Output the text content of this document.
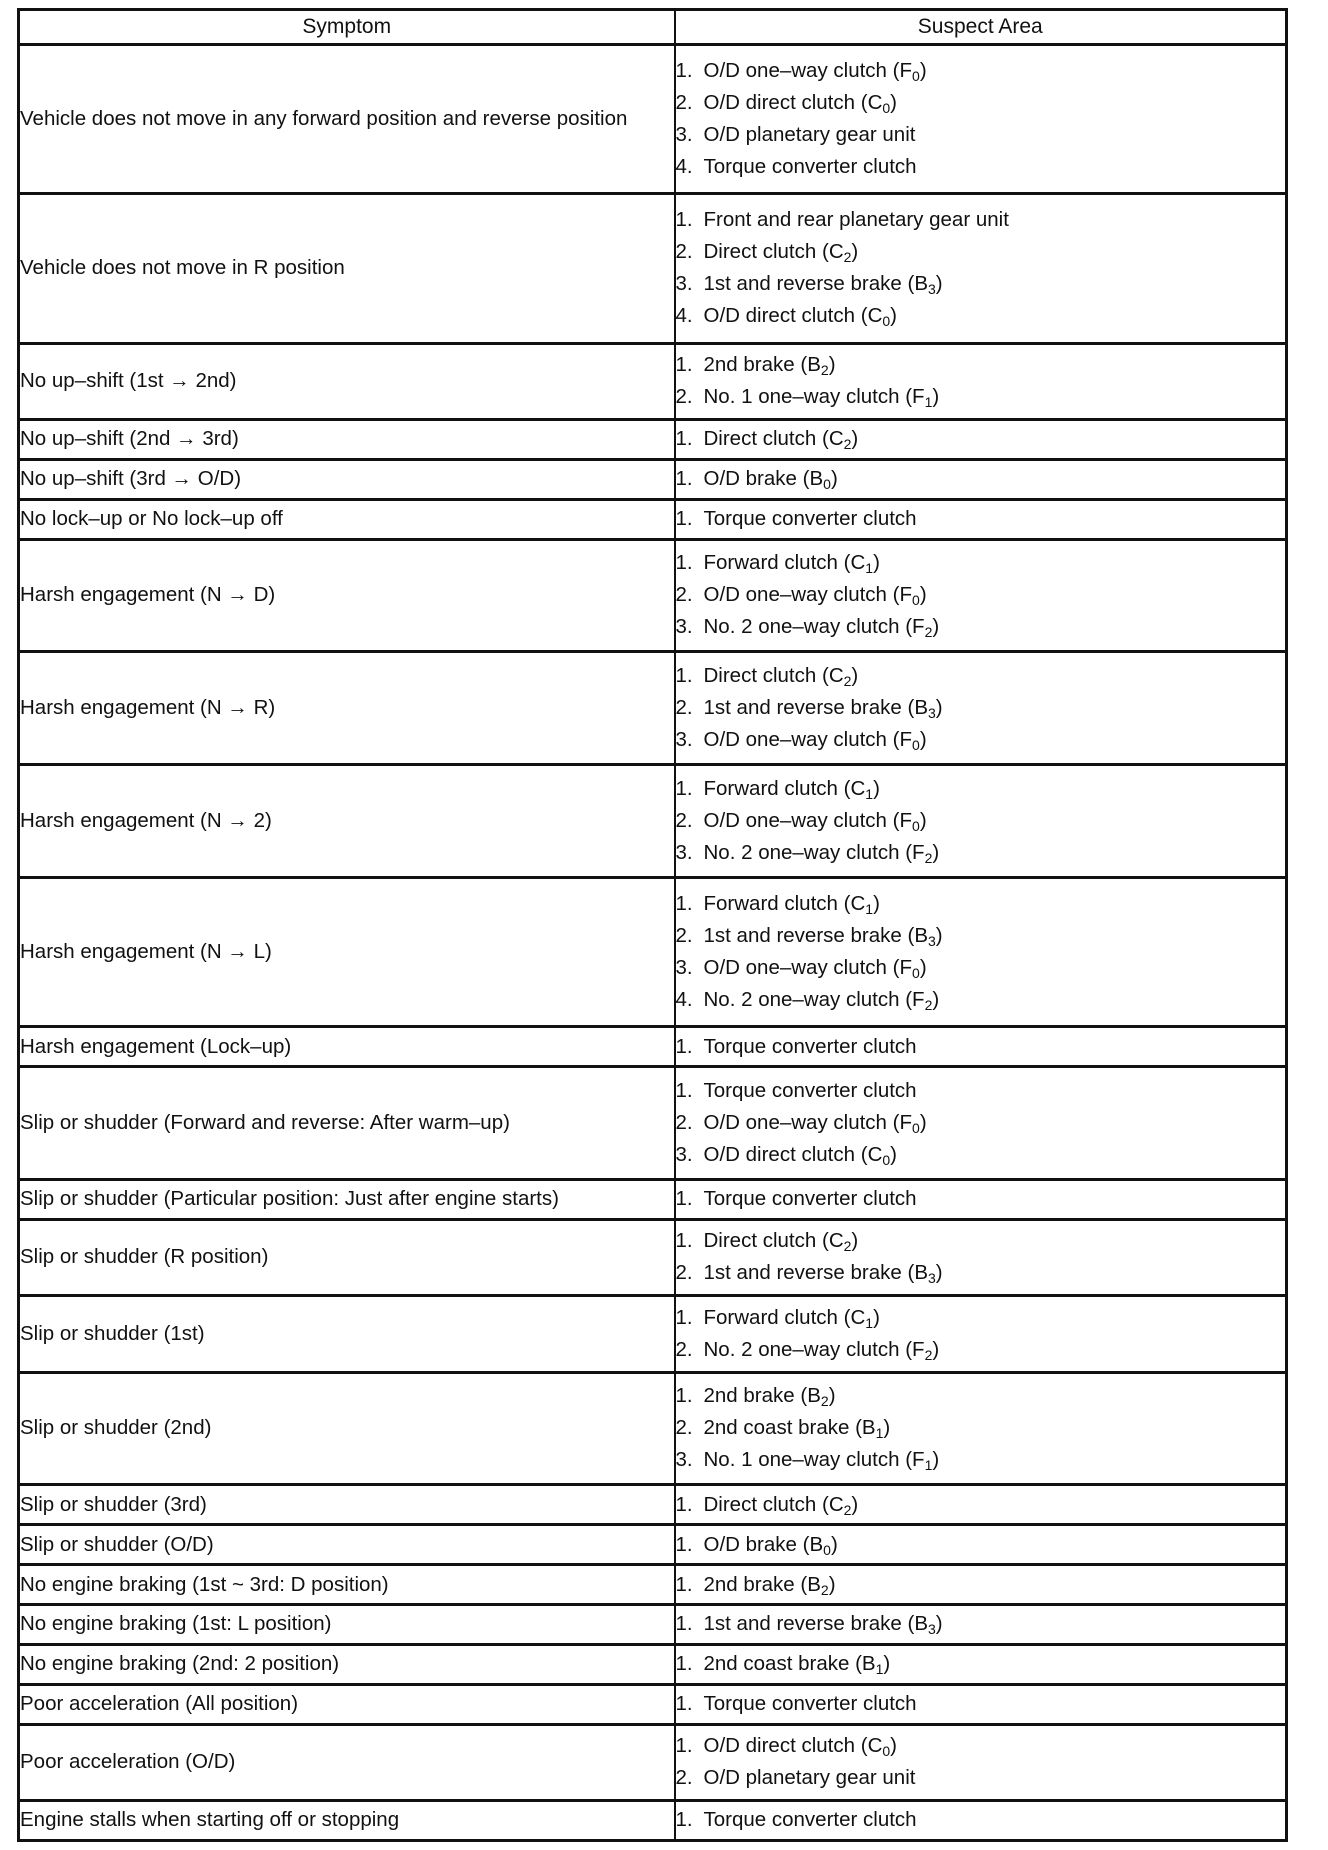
Symptom	Suspect Area
Vehicle does not move in any forward position and reverse position	1. O/D one–way clutch $(F_0)$
2. O/D direct clutch $(C_0)$
3. O/D planetary gear unit
4. Torque converter clutch

Vehicle does not move in R position	1. Front and rear planetary gear unit
2. Direct clutch $(C_2)$
3. 1st and reverse brake $(B_3)$
4. O/D direct clutch $(C_0)$

No up–shift (1st → 2nd)	1. 2nd brake $(B_2)$
2. No. 1 one–way clutch $(F_1)$

No up–shift (2nd → 3rd)	1. Direct clutch $(C_2)$

No up–shift (3rd → O/D)	1. O/D brake $(B_0)$

No lock–up or No lock–up off	1. Torque converter clutch

Harsh engagement (N → D)	1. Forward clutch $(C_1)$
2. O/D one–way clutch $(F_0)$
3. No. 2 one–way clutch $(F_2)$

Harsh engagement (N → R)	1. Direct clutch $(C_2)$
2. 1st and reverse brake $(B_3)$
3. O/D one–way clutch $(F_0)$

Harsh engagement (N → 2)	1. Forward clutch $(C_1)$
2. O/D one–way clutch $(F_0)$
3. No. 2 one–way clutch $(F_2)$

Harsh engagement (N → L)	1. Forward clutch $(C_1)$
2. 1st and reverse brake $(B_3)$
3. O/D one–way clutch $(F_0)$
4. No. 2 one–way clutch $(F_2)$

Harsh engagement (Lock–up)	1. Torque converter clutch

Slip or shudder (Forward and reverse: After warm–up)	1. Torque converter clutch
2. O/D one–way clutch $(F_0)$
3. O/D direct clutch $(C_0)$

Slip or shudder (Particular position: Just after engine starts)	1. Torque converter clutch

Slip or shudder (R position)	1. Direct clutch $(C_2)$
2. 1st and reverse brake $(B_3)$

Slip or shudder (1st)	1. Forward clutch $(C_1)$
2. No. 2 one–way clutch $(F_2)$

Slip or shudder (2nd)	1. 2nd brake $(B_2)$
2. 2nd coast brake $(B_1)$
3. No. 1 one–way clutch $(F_1)$

Slip or shudder (3rd)	1. Direct clutch $(C_2)$

Slip or shudder (O/D)	1. O/D brake $(B_0)$

No engine braking (1st ~ 3rd: D position)	1. 2nd brake $(B_2)$

No engine braking (1st: L position)	1. 1st and reverse brake $(B_3)$

No engine braking (2nd: 2 position)	1. 2nd coast brake $(B_1)$

Poor acceleration (All position)	1. Torque converter clutch

Poor acceleration (O/D)	1. O/D direct clutch $(C_0)$
2. O/D planetary gear unit

Engine stalls when starting off or stopping	1. Torque converter clutch
